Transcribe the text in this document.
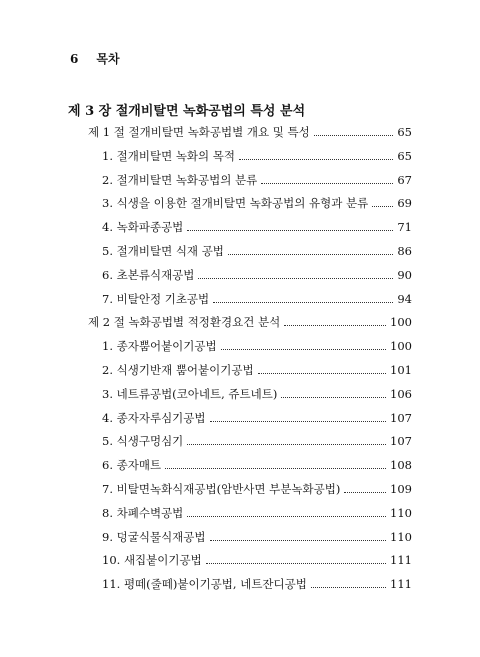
6 목차
제 3 장 절개비탈면 녹화공법의 특성 분석
제 1 절 절개비탈면 녹화공법별 개요 및 특성	65
1. 절개비탈면 녹화의 목적	65
2. 절개비탈면 녹화공법의 분류	67
3. 식생을 이용한 절개비탈면 녹화공법의 유형과 분류	69
4. 녹화파종공법	71
5. 절개비탈면 식재 공법	86
6. 초본류식재공법	90
7. 비탈안정 기초공법	94
제 2 절 녹화공법별 적정환경요건 분석	100
1. 종자뿜어붙이기공법	100
2. 식생기반재 뿜어붙이기공법	101
3. 네트류공법(코아네트, 쥬트네트)	106
4. 종자자루심기공법	107
5. 식생구멍심기	107
6. 종자매트	108
7. 비탈면녹화식재공법(암반사면 부분녹화공법)	109
8. 차폐수벽공법	110
9. 덩굴식물식재공법	110
10. 새집붙이기공법	111
11. 평떼(줄떼)붙이기공법, 네트잔디공법	111
